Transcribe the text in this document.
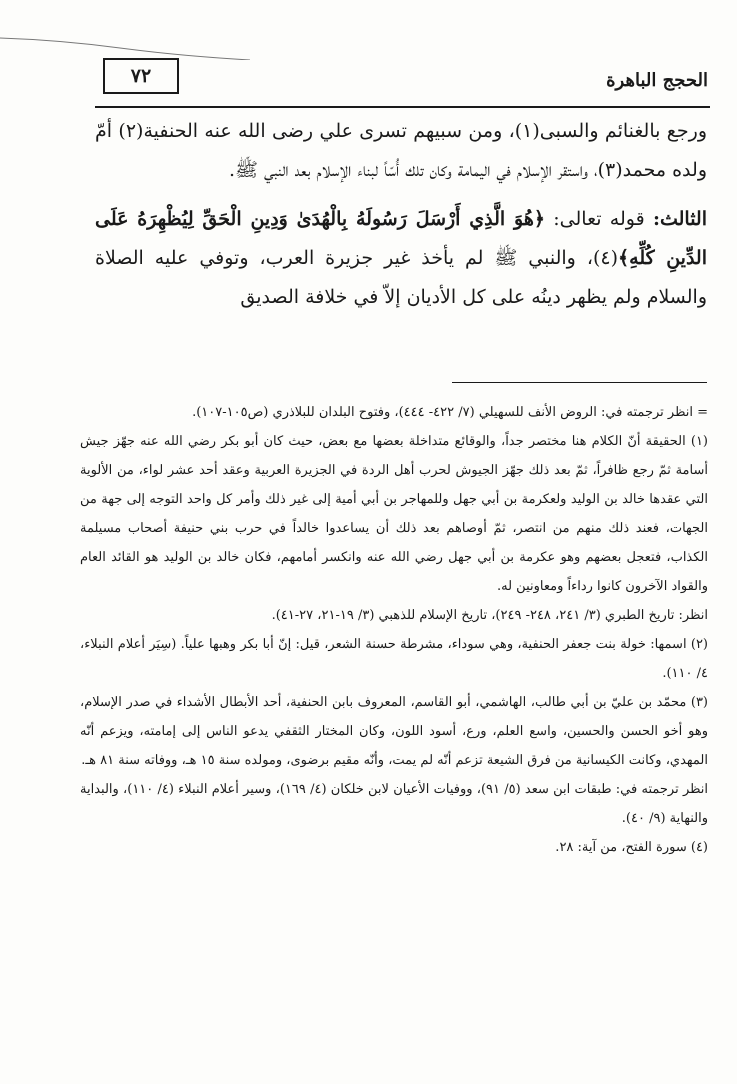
٧٢	الحجج الباهرة

ورجع بالغنائم والسبى(١)، ومن سبيهم تسرى علي رضى الله عنه الحنفية(٢) أمّ ولده محمد(٣)، واستقر الإسلام في اليمامة وكان تلك أُسّاً لبناء الإسلام بعد النبي ﷺ.

الثالث: قوله تعالى: ﴿هُوَ الَّذِي أَرْسَلَ رَسُولَهُ بِالْهُدَىٰ وَدِينِ الْحَقِّ لِيُظْهِرَهُ عَلَى الدِّينِ كُلِّهِ﴾(٤)، والنبي ﷺ لم يأخذ غير جزيرة العرب، وتوفي عليه الصلاة والسلام ولم يظهر دينُه على كل الأديان إلاّ في خلافة الصديق

= انظر ترجمته في: الروض الأنف للسهيلي (٧/ ٤٢٢- ٤٤٤)، وفتوح البلدان للبلاذري (ص١٠٥-١٠٧).

(١) الحقيقة أنّ الكلام هنا مختصر جداً، والوقائع متداخلة بعضها مع بعض، حيث كان أبو بكر رضي الله عنه جهّز جيش أسامة ثمّ رجع ظافراً، ثمّ بعد ذلك جهّز الجيوش لحرب أهل الردة في الجزيرة العربية وعقد أحد عشر لواء، من الألوية التي عقدها خالد بن الوليد ولعكرمة بن أبي جهل وللمهاجر بن أبي أمية إلى غير ذلك وأمر كل واحد التوجه إلى جهة من الجهات، فعند ذلك منهم من انتصر، ثمّ أوصاهم بعد ذلك أن يساعدوا خالداً في حرب بني حنيفة أصحاب مسيلمة الكذاب، فتعجل بعضهم وهو عكرمة بن أبي جهل رضي الله عنه وانكسر أمامهم، فكان خالد بن الوليد هو القائد العام والقواد الآخرون كانوا رداءاً ومعاونين له.

انظر: تاريخ الطبري (٣/ ٢٤١، ٢٤٨- ٢٤٩)، تاريخ الإسلام للذهبي (٣/ ١٩-٢١، ٢٧-٤١).

(٢) اسمها: خولة بنت جعفر الحنفية، وهي سوداء، مشرطة حسنة الشعر، قيل: إنّ أبا بكر وهبها علياً. (سِيَر أعلام النبلاء، ٤/ ١١٠).

(٣) محمّد بن عليّ بن أبي طالب، الهاشمي، أبو القاسم، المعروف بابن الحنفية، أحد الأبطال الأشداء في صدر الإسلام، وهو أخو الحسن والحسين، واسع العلم، ورع، أسود اللون، وكان المختار الثقفي يدعو الناس إلى إمامته، ويزعم أنّه المهدي، وكانت الكيسانية من فرق الشيعة تزعم أنّه لم يمت، وأنّه مقيم برضوى، ومولده سنة ١٥ هـ، ووفاته سنة ٨١ هـ.

انظر ترجمته في: طبقات ابن سعد (٥/ ٩١)، ووفيات الأعيان لابن خلكان (٤/ ١٦٩)، وسير أعلام النبلاء (٤/ ١١٠)، والبداية والنهاية (٩/ ٤٠).

(٤) سورة الفتح، من آية: ٢٨.
